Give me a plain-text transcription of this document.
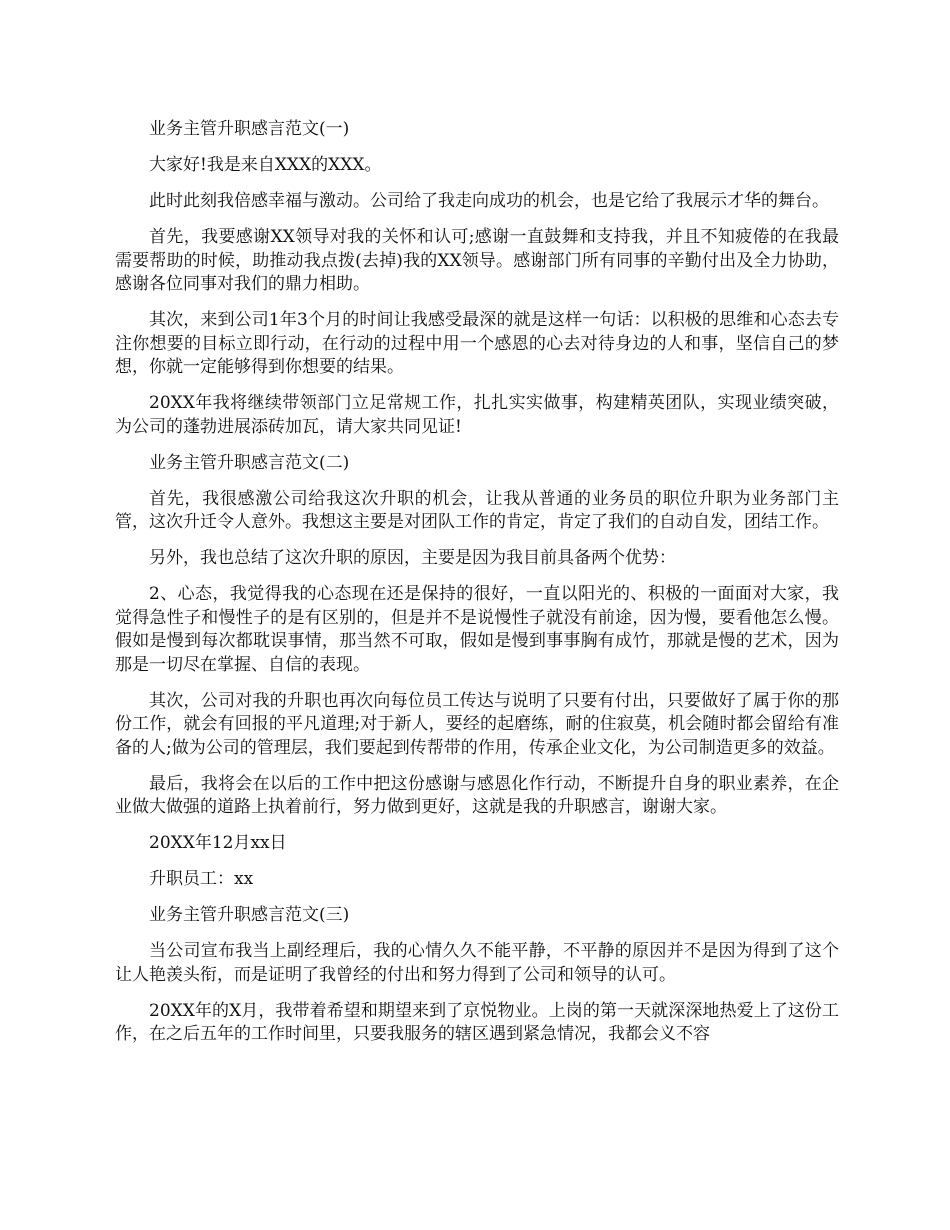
业务主管升职感言范文(一)

大家好!我是来自XXX的XXX。

此时此刻我倍感幸福与激动。公司给了我走向成功的机会，也是它给了我展示才华的舞台。

首先，我要感谢XX领导对我的关怀和认可;感谢一直鼓舞和支持我，并且不知疲倦的在我最需要帮助的时候，助推动我点拨(去掉)我的XX领导。感谢部门所有同事的辛勤付出及全力协助，感谢各位同事对我们的鼎力相助。

其次，来到公司1年3个月的时间让我感受最深的就是这样一句话：以积极的思维和心态去专注你想要的目标立即行动，在行动的过程中用一个感恩的心去对待身边的人和事，坚信自己的梦想，你就一定能够得到你想要的结果。

20XX年我将继续带领部门立足常规工作，扎扎实实做事，构建精英团队，实现业绩突破，为公司的蓬勃进展添砖加瓦，请大家共同见证!

业务主管升职感言范文(二)

首先，我很感激公司给我这次升职的机会，让我从普通的业务员的职位升职为业务部门主管，这次升迁令人意外。我想这主要是对团队工作的肯定，肯定了我们的自动自发，团结工作。

另外，我也总结了这次升职的原因，主要是因为我目前具备两个优势：

2、心态，我觉得我的心态现在还是保持的很好，一直以阳光的、积极的一面面对大家，我觉得急性子和慢性子的是有区别的，但是并不是说慢性子就没有前途，因为慢，要看他怎么慢。假如是慢到每次都耽误事情，那当然不可取，假如是慢到事事胸有成竹，那就是慢的艺术，因为那是一切尽在掌握、自信的表现。

其次，公司对我的升职也再次向每位员工传达与说明了只要有付出，只要做好了属于你的那份工作，就会有回报的平凡道理;对于新人，要经的起磨练，耐的住寂莫，机会随时都会留给有准备的人;做为公司的管理层，我们要起到传帮带的作用，传承企业文化，为公司制造更多的效益。

最后，我将会在以后的工作中把这份感谢与感恩化作行动，不断提升自身的职业素养，在企业做大做强的道路上执着前行，努力做到更好，这就是我的升职感言，谢谢大家。

20XX年12月xx日

升职员工：xx

业务主管升职感言范文(三)

当公司宣布我当上副经理后，我的心情久久不能平静，不平静的原因并不是因为得到了这个让人艳羡头衔，而是证明了我曾经的付出和努力得到了公司和领导的认可。

20XX年的X月，我带着希望和期望来到了京悦物业。上岗的第一天就深深地热爱上了这份工作，在之后五年的工作时间里，只要我服务的辖区遇到紧急情况，我都会义不容
